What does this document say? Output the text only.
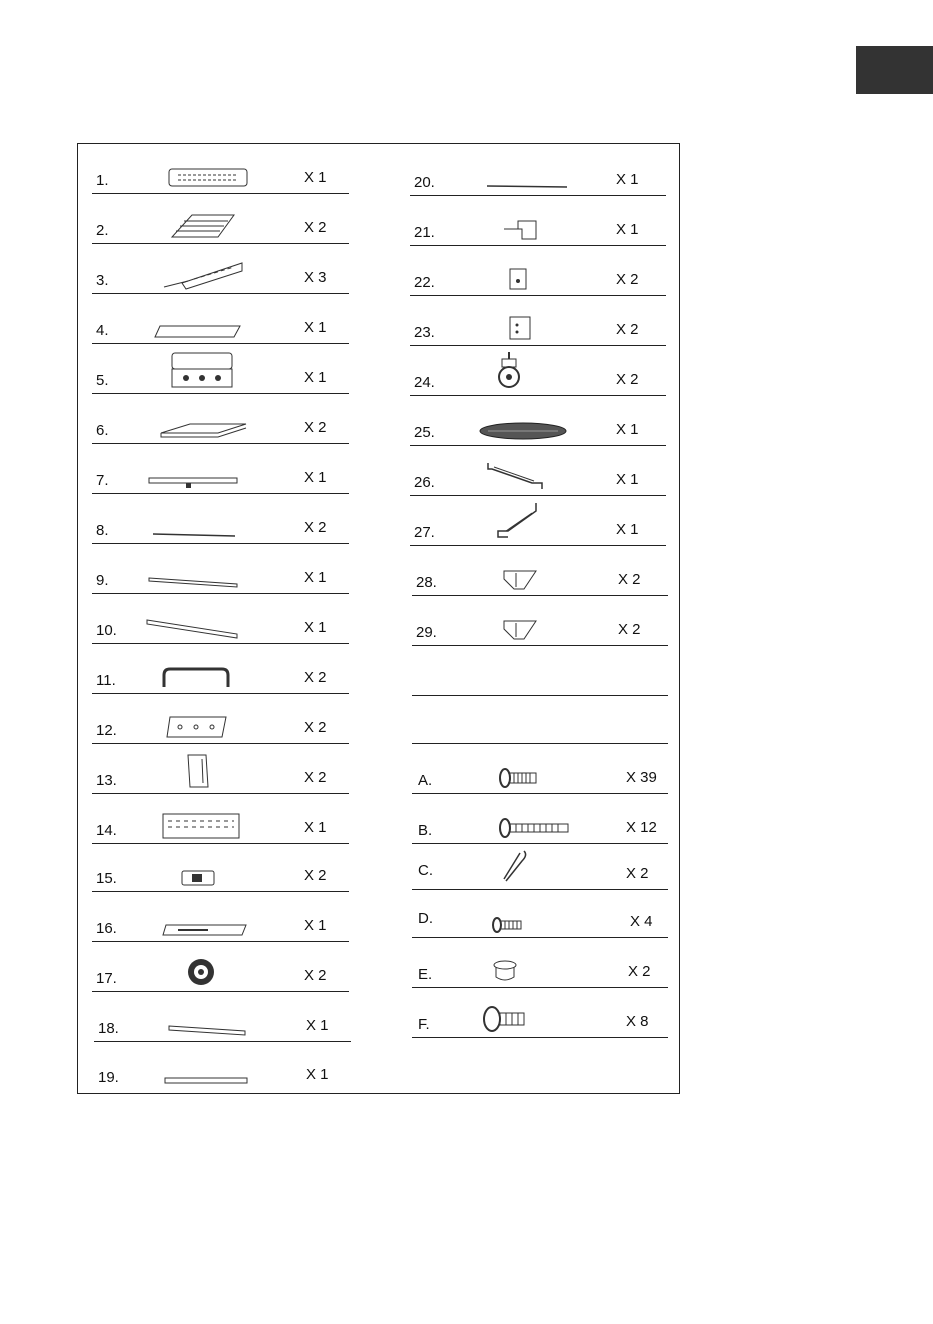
1.	X 1
2.	X 2
3.	X 3
4.	X 1
5.	X 1
6.	X 2
7.	X 1
8.	X 2
9.	X 1
10.	X 1
11.	X 2
12.	X 2
13.	X 2
14.	X 1
15.	X 2
16.	X 1
17.	X 2
18.	X 1
19.	X 1
20.	X 1
21.	X 1
22.	X 2
23.	X 2
24.	X 2
25.	X 1
26.	X 1
27.	X 1
28.	X 2
29.	X 2
A.	X 39
B.	X 12
C.	X 2
D.	X 4
E.	X 2
F.	X 8
